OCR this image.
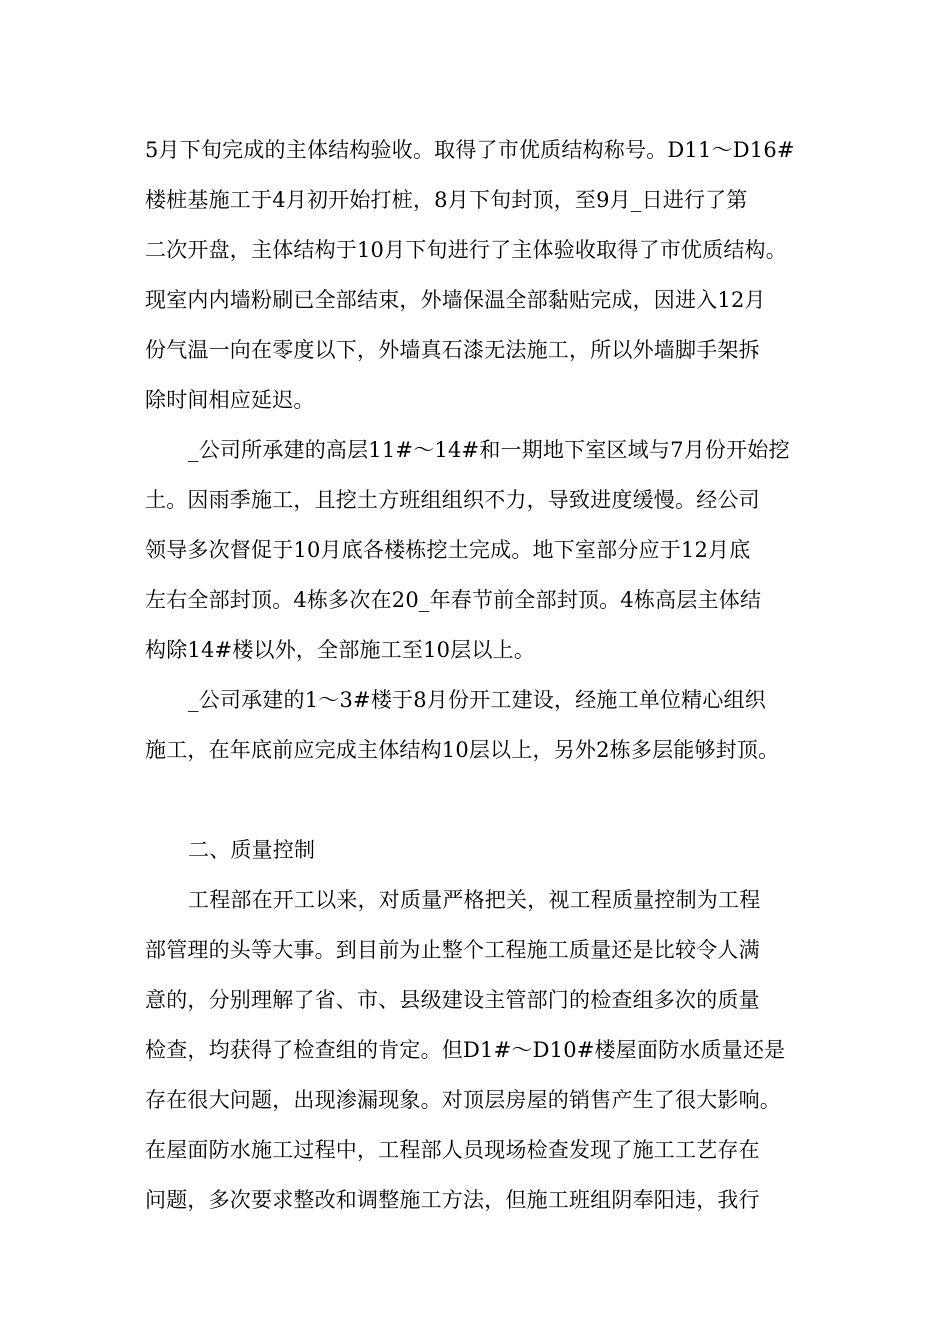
5月下旬完成的主体结构验收。取得了市优质结构称号。D11～D16#
楼桩基施工于4月初开始打桩，8月下旬封顶，至9月_日进行了第
二次开盘，主体结构于10月下旬进行了主体验收取得了市优质结构。
现室内内墙粉刷已全部结束，外墙保温全部黏贴完成，因进入12月
份气温一向在零度以下，外墙真石漆无法施工，所以外墙脚手架拆
除时间相应延迟。
_公司所承建的高层11#～14#和一期地下室区域与7月份开始挖
土。因雨季施工，且挖土方班组组织不力，导致进度缓慢。经公司
领导多次督促于10月底各楼栋挖土完成。地下室部分应于12月底
左右全部封顶。4栋多次在20_年春节前全部封顶。4栋高层主体结
构除14#楼以外，全部施工至10层以上。
_公司承建的1～3#楼于8月份开工建设，经施工单位精心组织
施工，在年底前应完成主体结构10层以上，另外2栋多层能够封顶。
二、质量控制
工程部在开工以来，对质量严格把关，视工程质量控制为工程
部管理的头等大事。到目前为止整个工程施工质量还是比较令人满
意的，分别理解了省、市、县级建设主管部门的检查组多次的质量
检查，均获得了检查组的肯定。但D1#～D10#楼屋面防水质量还是
存在很大问题，出现渗漏现象。对顶层房屋的销售产生了很大影响。
在屋面防水施工过程中，工程部人员现场检查发现了施工工艺存在
问题，多次要求整改和调整施工方法，但施工班组阴奉阳违，我行
